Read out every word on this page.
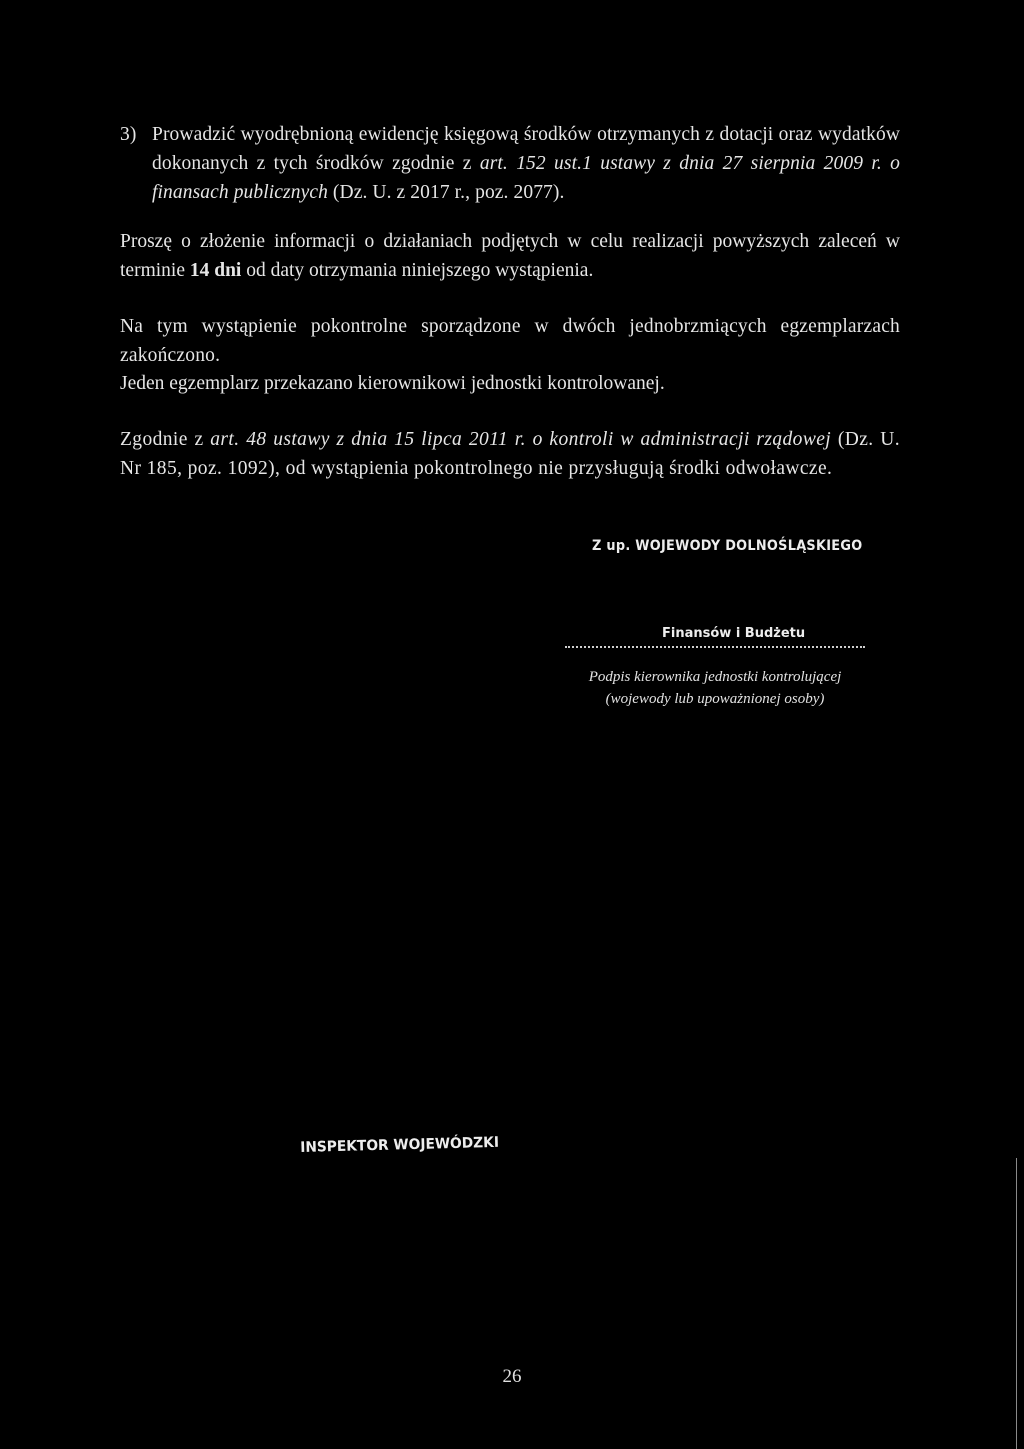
3) Prowadzić wyodrębnioną ewidencję księgową środków otrzymanych z dotacji oraz wydatków dokonanych z tych środków zgodnie z art. 152 ust.1 ustawy z dnia 27 sierpnia 2009 r. o finansach publicznych (Dz. U. z 2017 r., poz. 2077).

Proszę o złożenie informacji o działaniach podjętych w celu realizacji powyższych zaleceń w terminie 14 dni od daty otrzymania niniejszego wystąpienia.

Na tym wystąpienie pokontrolne sporządzone w dwóch jednobrzmiących egzemplarzach zakończono.

Jeden egzemplarz przekazano kierownikowi jednostki kontrolowanej.

Zgodnie z art. 48 ustawy z dnia 15 lipca 2011 r. o kontroli w administracji rządowej (Dz. U. Nr 185, poz. 1092), od wystąpienia pokontrolnego nie przysługują środki odwoławcze.

Z up. WOJEWODY DOLNOŚLĄSKIEGO
Finansów i Budżetu
Podpis kierownika jednostki kontrolującej
(wojewody lub upoważnionej osoby)
INSPEKTOR WOJEWÓDZKI
26
